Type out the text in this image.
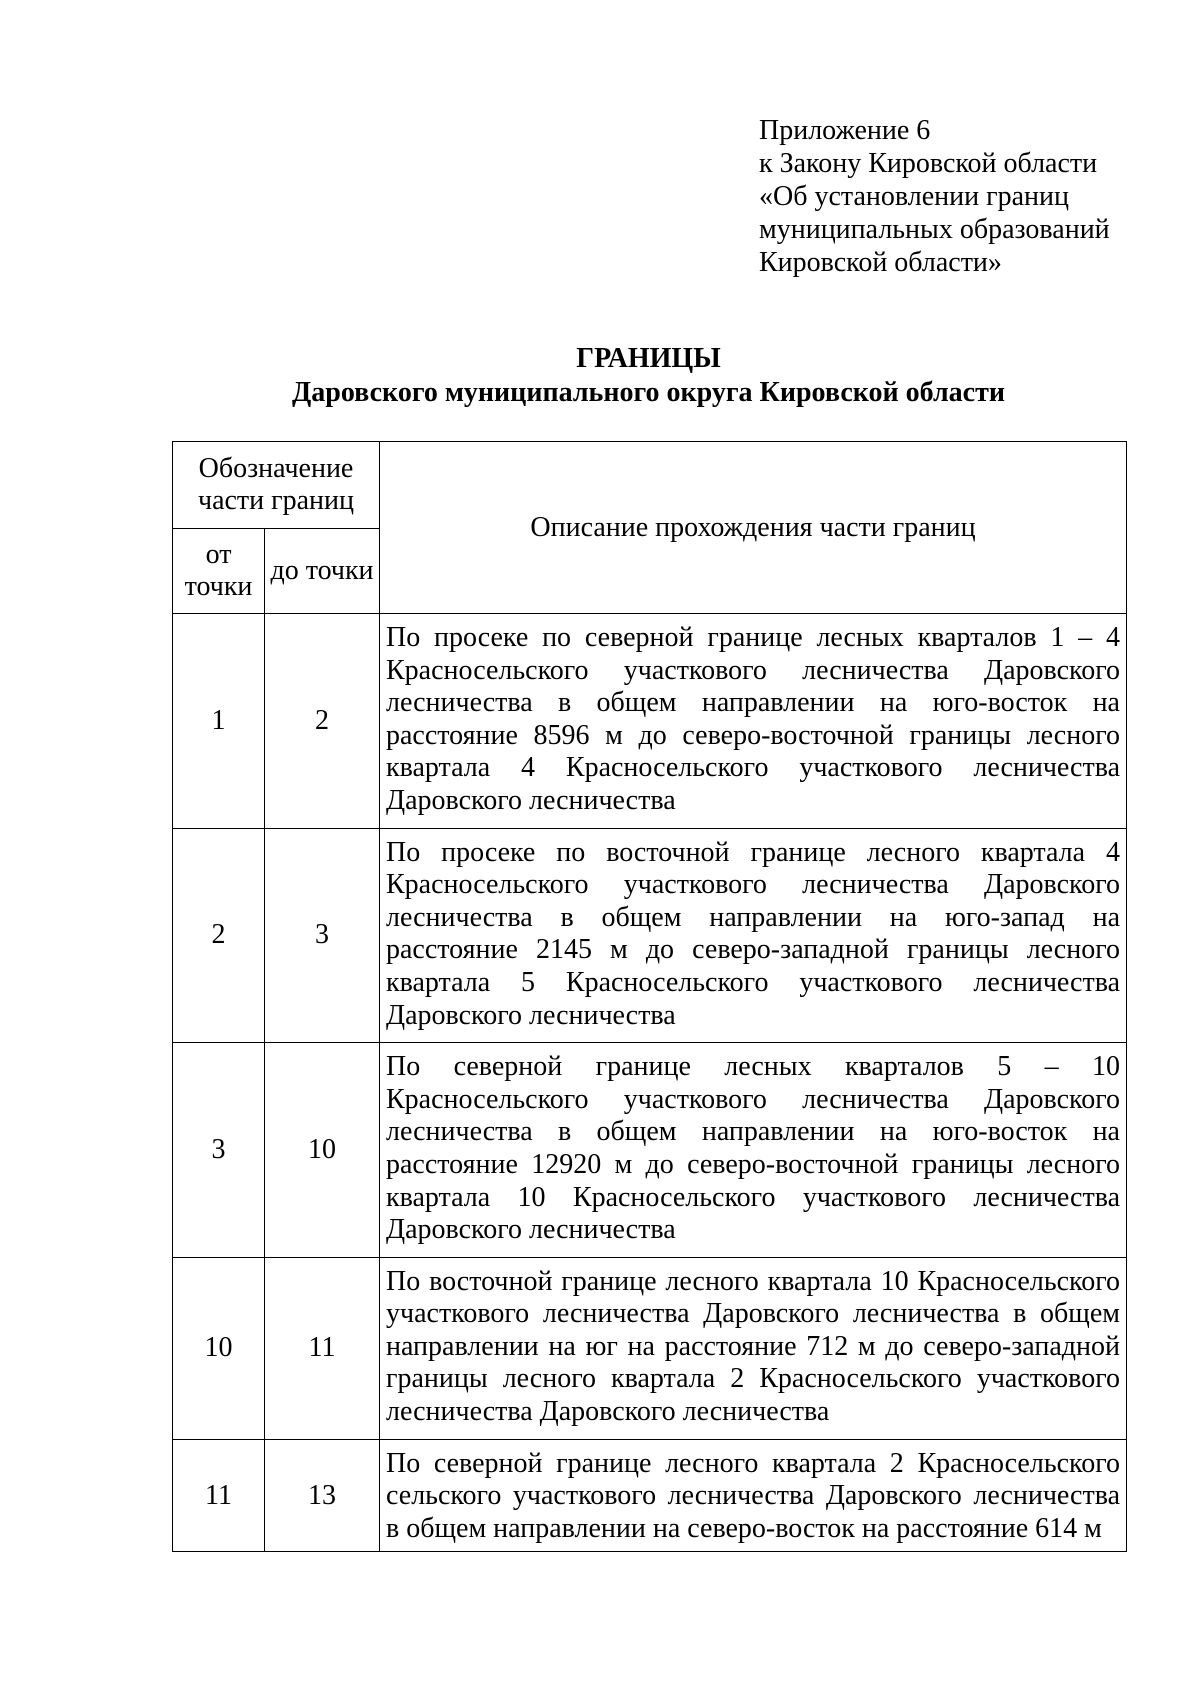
Приложение 6
к Закону Кировской области
«Об установлении границ
муниципальных образований
Кировской области»
ГРАНИЦЫ
Даровского муниципального округа Кировской области
Обозначение части границ		Описание прохождения части границ
от точки	до точки	
1	2	По просеке по северной границе лесных кварталов 1 – 4 Красносельского участкового лесничества Даровского лесничества в общем направлении на юго-восток на расстояние 8596 м до северо-восточной границы лесного квартала 4 Красносельского участкового лесничества Даровского лесничества
2	3	По просеке по восточной границе лесного квартала 4 Красносельского участкового лесничества Даровского лесничества в общем направлении на юго-запад на расстояние 2145 м до северо-западной границы лесного квартала 5 Красносельского участкового лесничества Даровского лесничества
3	10	По северной границе лесных кварталов 5 – 10 Красносельского участкового лесничества Даровского лесничества в общем направлении на юго-восток на расстояние 12920 м до северо-восточной границы лесного квартала 10 Красносельского участкового лесничества Даровского лесничества
10	11	По восточной границе лесного квартала 10 Красносельского участкового лесничества Даровского лесничества в общем направлении на юг на расстояние 712 м до северо-западной границы лесного квартала 2 Красносельского участкового лесничества Даровского лесничества
11	13	По северной границе лесного квартала 2 Красносельского сельского участкового лесничества Даровского лесничества в общем направлении на северо-восток на расстояние 614 м
